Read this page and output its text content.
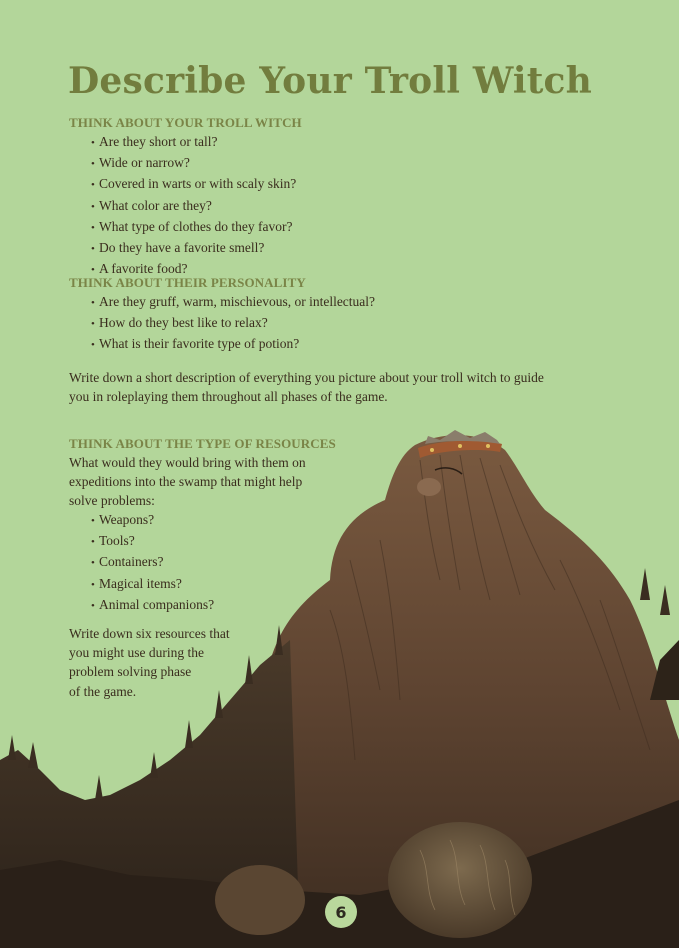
Describe Your Troll Witch
THINK ABOUT YOUR TROLL WITCH
• Are they short or tall?
• Wide or narrow?
• Covered in warts or with scaly skin?
• What color are they?
• What type of clothes do they favor?
• Do they have a favorite smell?
• A favorite food?
THINK ABOUT THEIR PERSONALITY
• Are they gruff, warm, mischievous, or intellectual?
• How do they best like to relax?
• What is their favorite type of potion?

Write down a short description of everything you picture about your troll witch to guide
you in roleplaying them throughout all phases of the game.

THINK ABOUT THE TYPE OF RESOURCES

What would they would bring with them on
expeditions into the swamp that might help
solve problems:

• Weapons?
• Tools?
• Containers?
• Magical items?
• Animal companions?

Write down six resources that
you might use during the
problem solving phase
of the game.

6
